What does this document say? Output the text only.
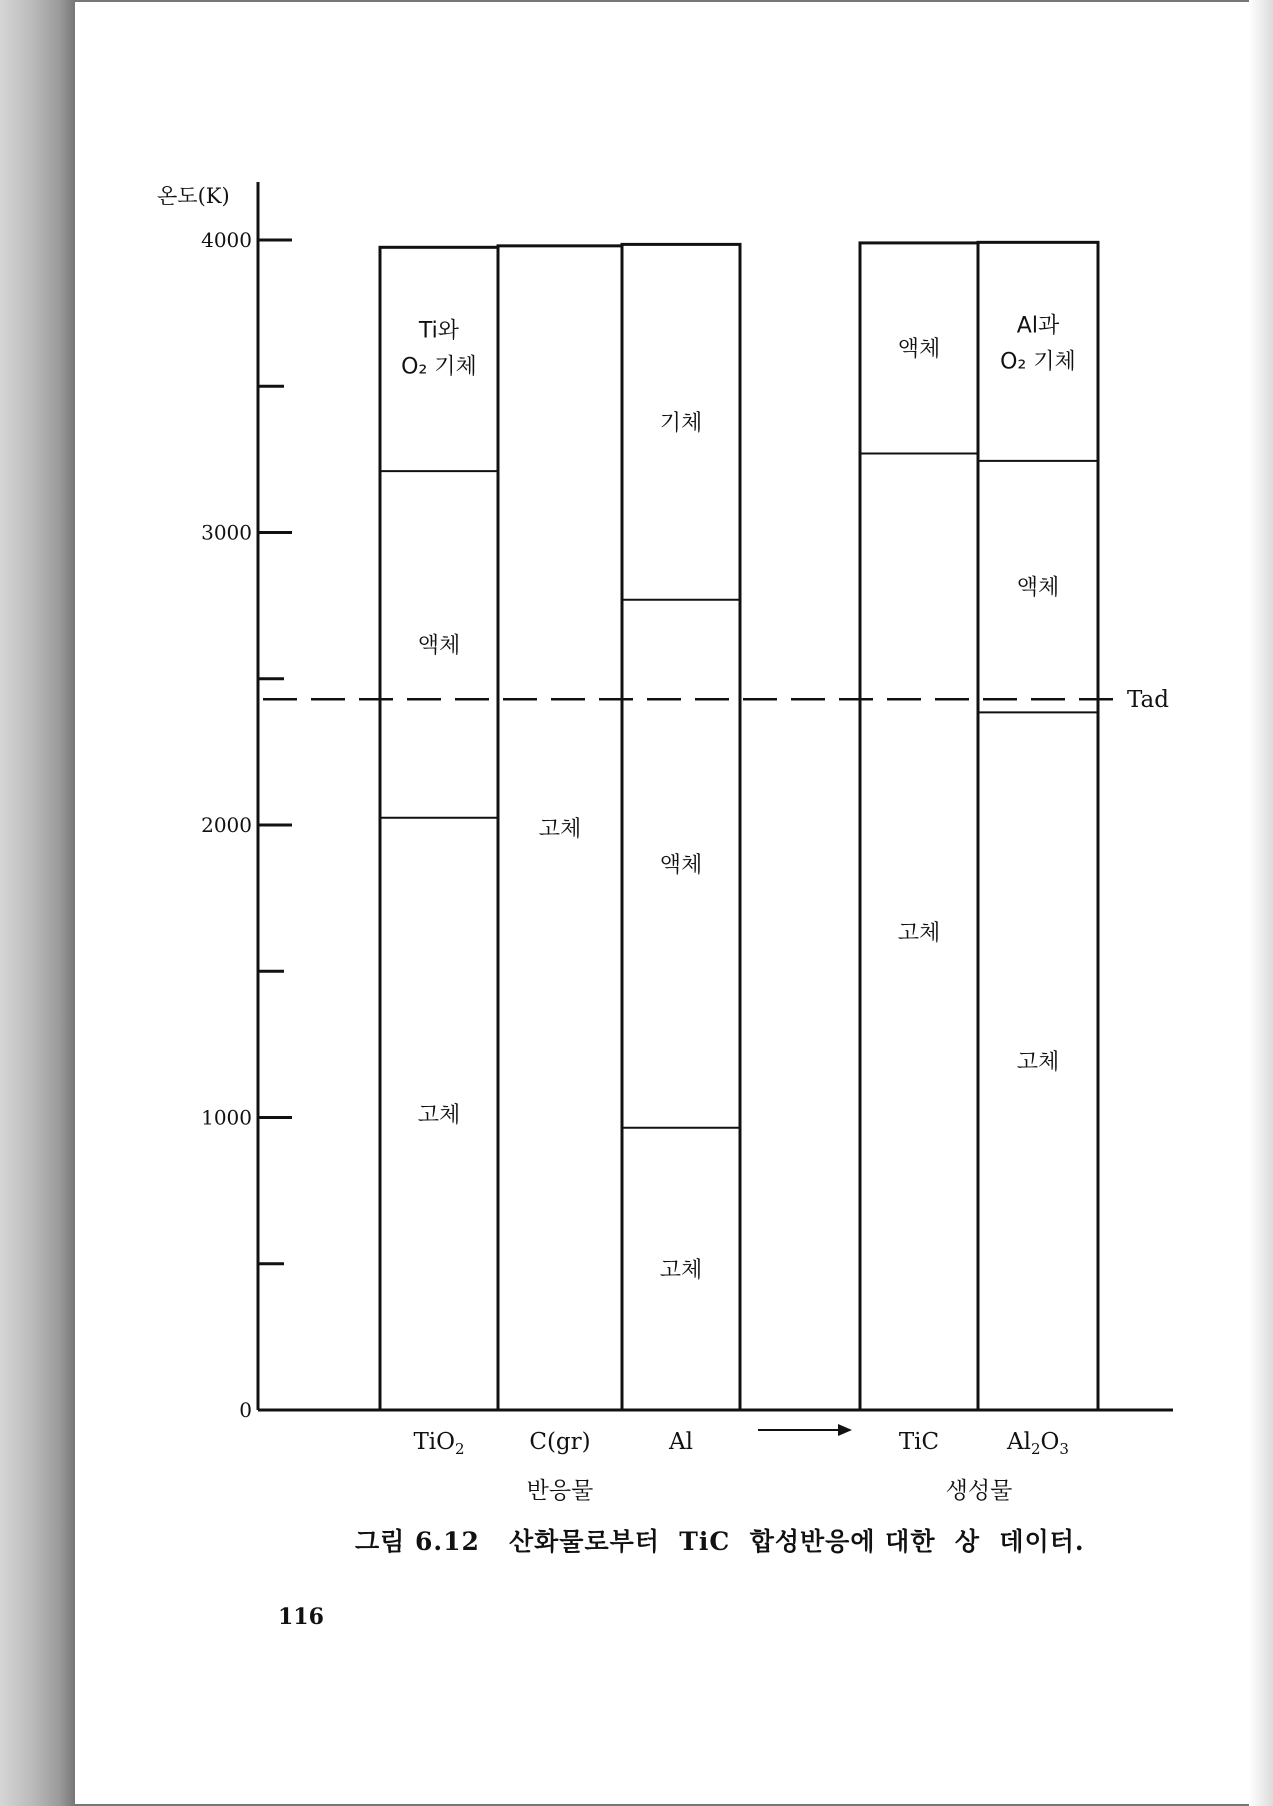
온도(K)
0
1000
2000
3000
4000
고체
액체
Ti와
O₂ 기체
고체
고체
액체
기체
고체
액체
고체
액체
Al과
O₂ 기체
TiO$_2$	C(gr)	Al	TiC	$Al_2O_3$
반응물	생성물
Tad
그림 6.12   산화물로부터  TiC  합성반응에 대한  상  데이터.
116
